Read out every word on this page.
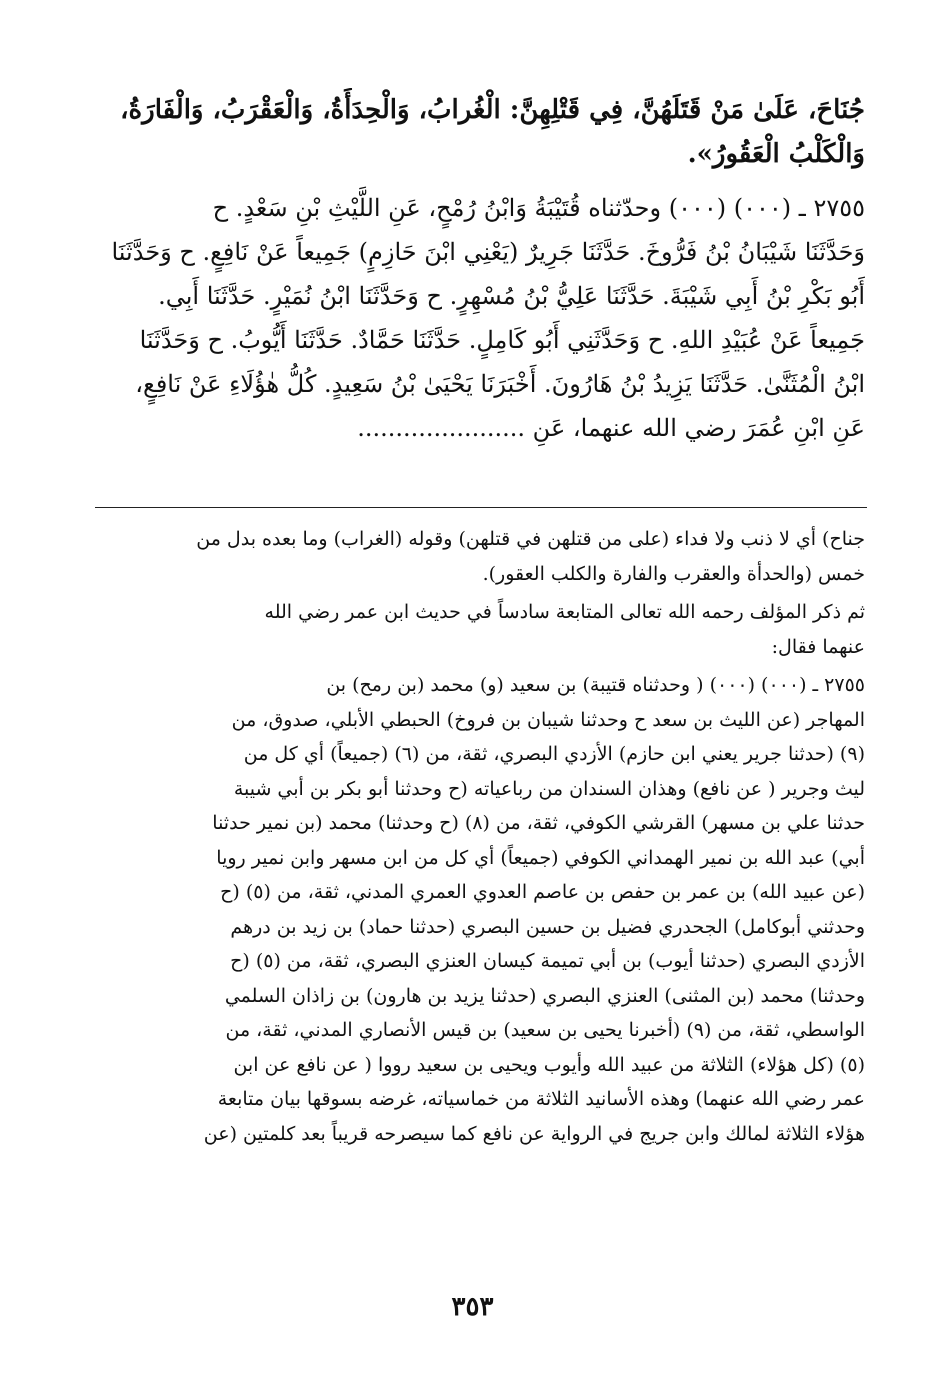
جُنَاحَ، عَلَىٰ مَنْ قَتَلَهُنَّ، فِي قَتْلِهِنَّ: الْغُرابُ، وَالْحِدَأَةُ، وَالْعَقْرَبُ، وَالْفَارَةُ،
وَالْكَلْبُ الْعَقُورُ».
٢٧٥٥ ـ (٠٠٠) (٠٠٠) وحدّثناه قُتَيْبَةُ وَابْنُ رُمْحٍ، عَنِ اللَّيْثِ بْنِ سَعْدٍ. ح
وَحَدَّثَنَا شَيْبَانُ بْنُ فَرُّوخَ. حَدَّثَنَا جَرِيرٌ (يَعْنِي ابْنَ حَازِمٍ) جَمِيعاً عَنْ نَافِعٍ. ح وَحَدَّثَنَا
أَبُو بَكْرِ بْنُ أَبِي شَيْبَةَ. حَدَّثَنَا عَلِيُّ بْنُ مُسْهِرٍ. ح وَحَدَّثَنَا ابْنُ نُمَيْرٍ. حَدَّثَنَا أَبِي.
جَمِيعاً عَنْ عُبَيْدِ اللهِ. ح وَحَدَّثَنِي أَبُو كَامِلٍ. حَدَّثَنَا حَمَّادٌ. حَدَّثَنَا أَيُّوبُ. ح وَحَدَّثَنَا
ابْنُ الْمُثَنَّىٰ. حَدَّثَنَا يَزِيدُ بْنُ هَارُونَ. أَخْبَرَنَا يَحْيَىٰ بْنُ سَعِيدٍ. كُلُّ هٰؤُلَاءِ عَنْ نَافِعٍ،
عَنِ ابْنِ عُمَرَ رضي الله عنهما، عَنِ ......................
جناح) أي لا ذنب ولا فداء (على من قتلهن في قتلهن) وقوله (الغراب) وما بعده بدل من
خمس (والحدأة والعقرب والفارة والكلب العقور).
ثم ذكر المؤلف رحمه الله تعالى المتابعة سادساً في حديث ابن عمر رضي الله
عنهما فقال:
٢٧٥٥ ـ (٠٠٠) (٠٠٠) ( وحدثناه قتيبة) بن سعيد (و) محمد (بن رمح) بن
المهاجر (عن الليث بن سعد ح وحدثنا شيبان بن فروخ) الحبطي الأبلي، صدوق، من
(٩) (حدثنا جرير يعني ابن حازم) الأزدي البصري، ثقة، من (٦) (جميعاً) أي كل من
ليث وجرير ( عن نافع) وهذان السندان من رباعياته (ح وحدثنا أبو بكر بن أبي شيبة
حدثنا علي بن مسهر) القرشي الكوفي، ثقة، من (٨) (ح وحدثنا) محمد (بن نمير حدثنا
أبي) عبد الله بن نمير الهمداني الكوفي (جميعاً) أي كل من ابن مسهر وابن نمير رويا
(عن عبيد الله) بن عمر بن حفص بن عاصم العدوي العمري المدني، ثقة، من (٥) (ح
وحدثني أبوكامل) الجحدري فضيل بن حسين البصري (حدثنا حماد) بن زيد بن درهم
الأزدي البصري (حدثنا أيوب) بن أبي تميمة كيسان العنزي البصري، ثقة، من (٥) (ح
وحدثنا) محمد (بن المثنى) العنزي البصري (حدثنا يزيد بن هارون) بن زاذان السلمي
الواسطي، ثقة، من (٩) (أخبرنا يحيى بن سعيد) بن قيس الأنصاري المدني، ثقة، من
(٥) (كل هؤلاء) الثلاثة من عبيد الله وأيوب ويحيى بن سعيد رووا ( عن نافع عن ابن
عمر رضي الله عنهما) وهذه الأسانيد الثلاثة من خماسياته، غرضه بسوقها بيان متابعة
هؤلاء الثلاثة لمالك وابن جريج في الرواية عن نافع كما سيصرحه قريباً بعد كلمتين (عن
٣٥٣
